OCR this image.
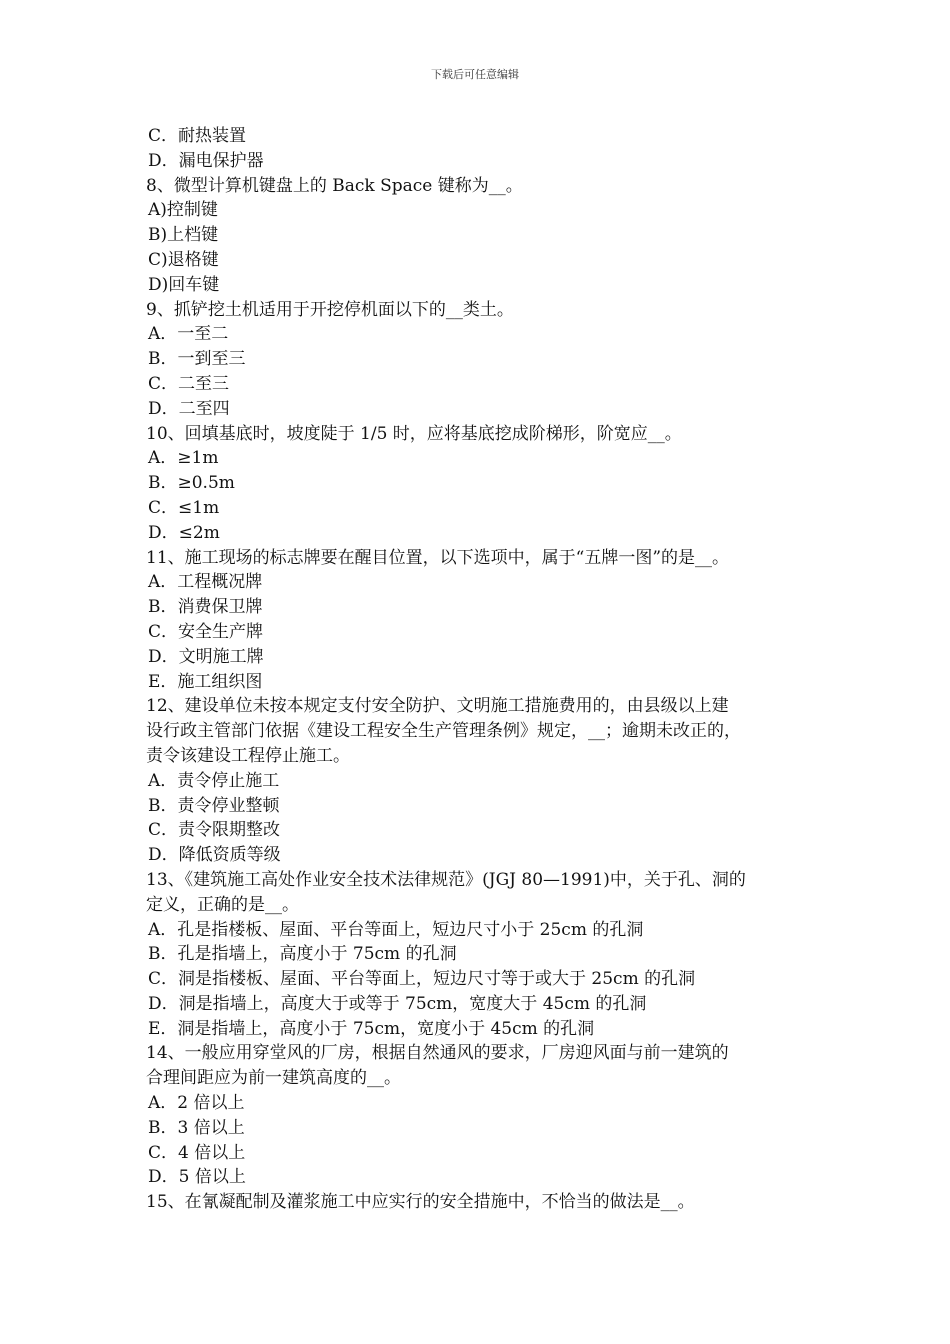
下载后可任意编辑
C．耐热装置
D．漏电保护器
8、微型计算机键盘上的 Back Space 键称为__。
A)控制键
B)上档键
C)退格键
D)回车键
9、抓铲挖土机适用于开挖停机面以下的__类土。
A．一至二
B．一到至三
C．二至三
D．二至四
10、回填基底时，坡度陡于 1/5 时，应将基底挖成阶梯形，阶宽应__。
A．≥1m
B．≥0.5m
C．≤1m
D．≤2m
11、施工现场的标志牌要在醒目位置，以下选项中，属于“五牌一图”的是__。
A．工程概况牌
B．消费保卫牌
C．安全生产牌
D．文明施工牌
E．施工组织图
12、建设单位未按本规定支付安全防护、文明施工措施费用的，由县级以上建
设行政主管部门依据《建设工程安全生产管理条例》规定，__；逾期未改正的，
责令该建设工程停止施工。
A．责令停止施工
B．责令停业整顿
C．责令限期整改
D．降低资质等级
13、《建筑施工高处作业安全技术法律规范》(JGJ 80—1991)中，关于孔、洞的
定义，正确的是__。
A．孔是指楼板、屋面、平台等面上，短边尺寸小于 25cm 的孔洞
B．孔是指墙上，高度小于 75cm 的孔洞
C．洞是指楼板、屋面、平台等面上，短边尺寸等于或大于 25cm 的孔洞
D．洞是指墙上，高度大于或等于 75cm，宽度大于 45cm 的孔洞
E．洞是指墙上，高度小于 75cm，宽度小于 45cm 的孔洞
14、一般应用穿堂风的厂房，根据自然通风的要求，厂房迎风面与前一建筑的
合理间距应为前一建筑高度的__。
A．2 倍以上
B．3 倍以上
C．4 倍以上
D．5 倍以上
15、在氰凝配制及灌浆施工中应实行的安全措施中，不恰当的做法是__。
